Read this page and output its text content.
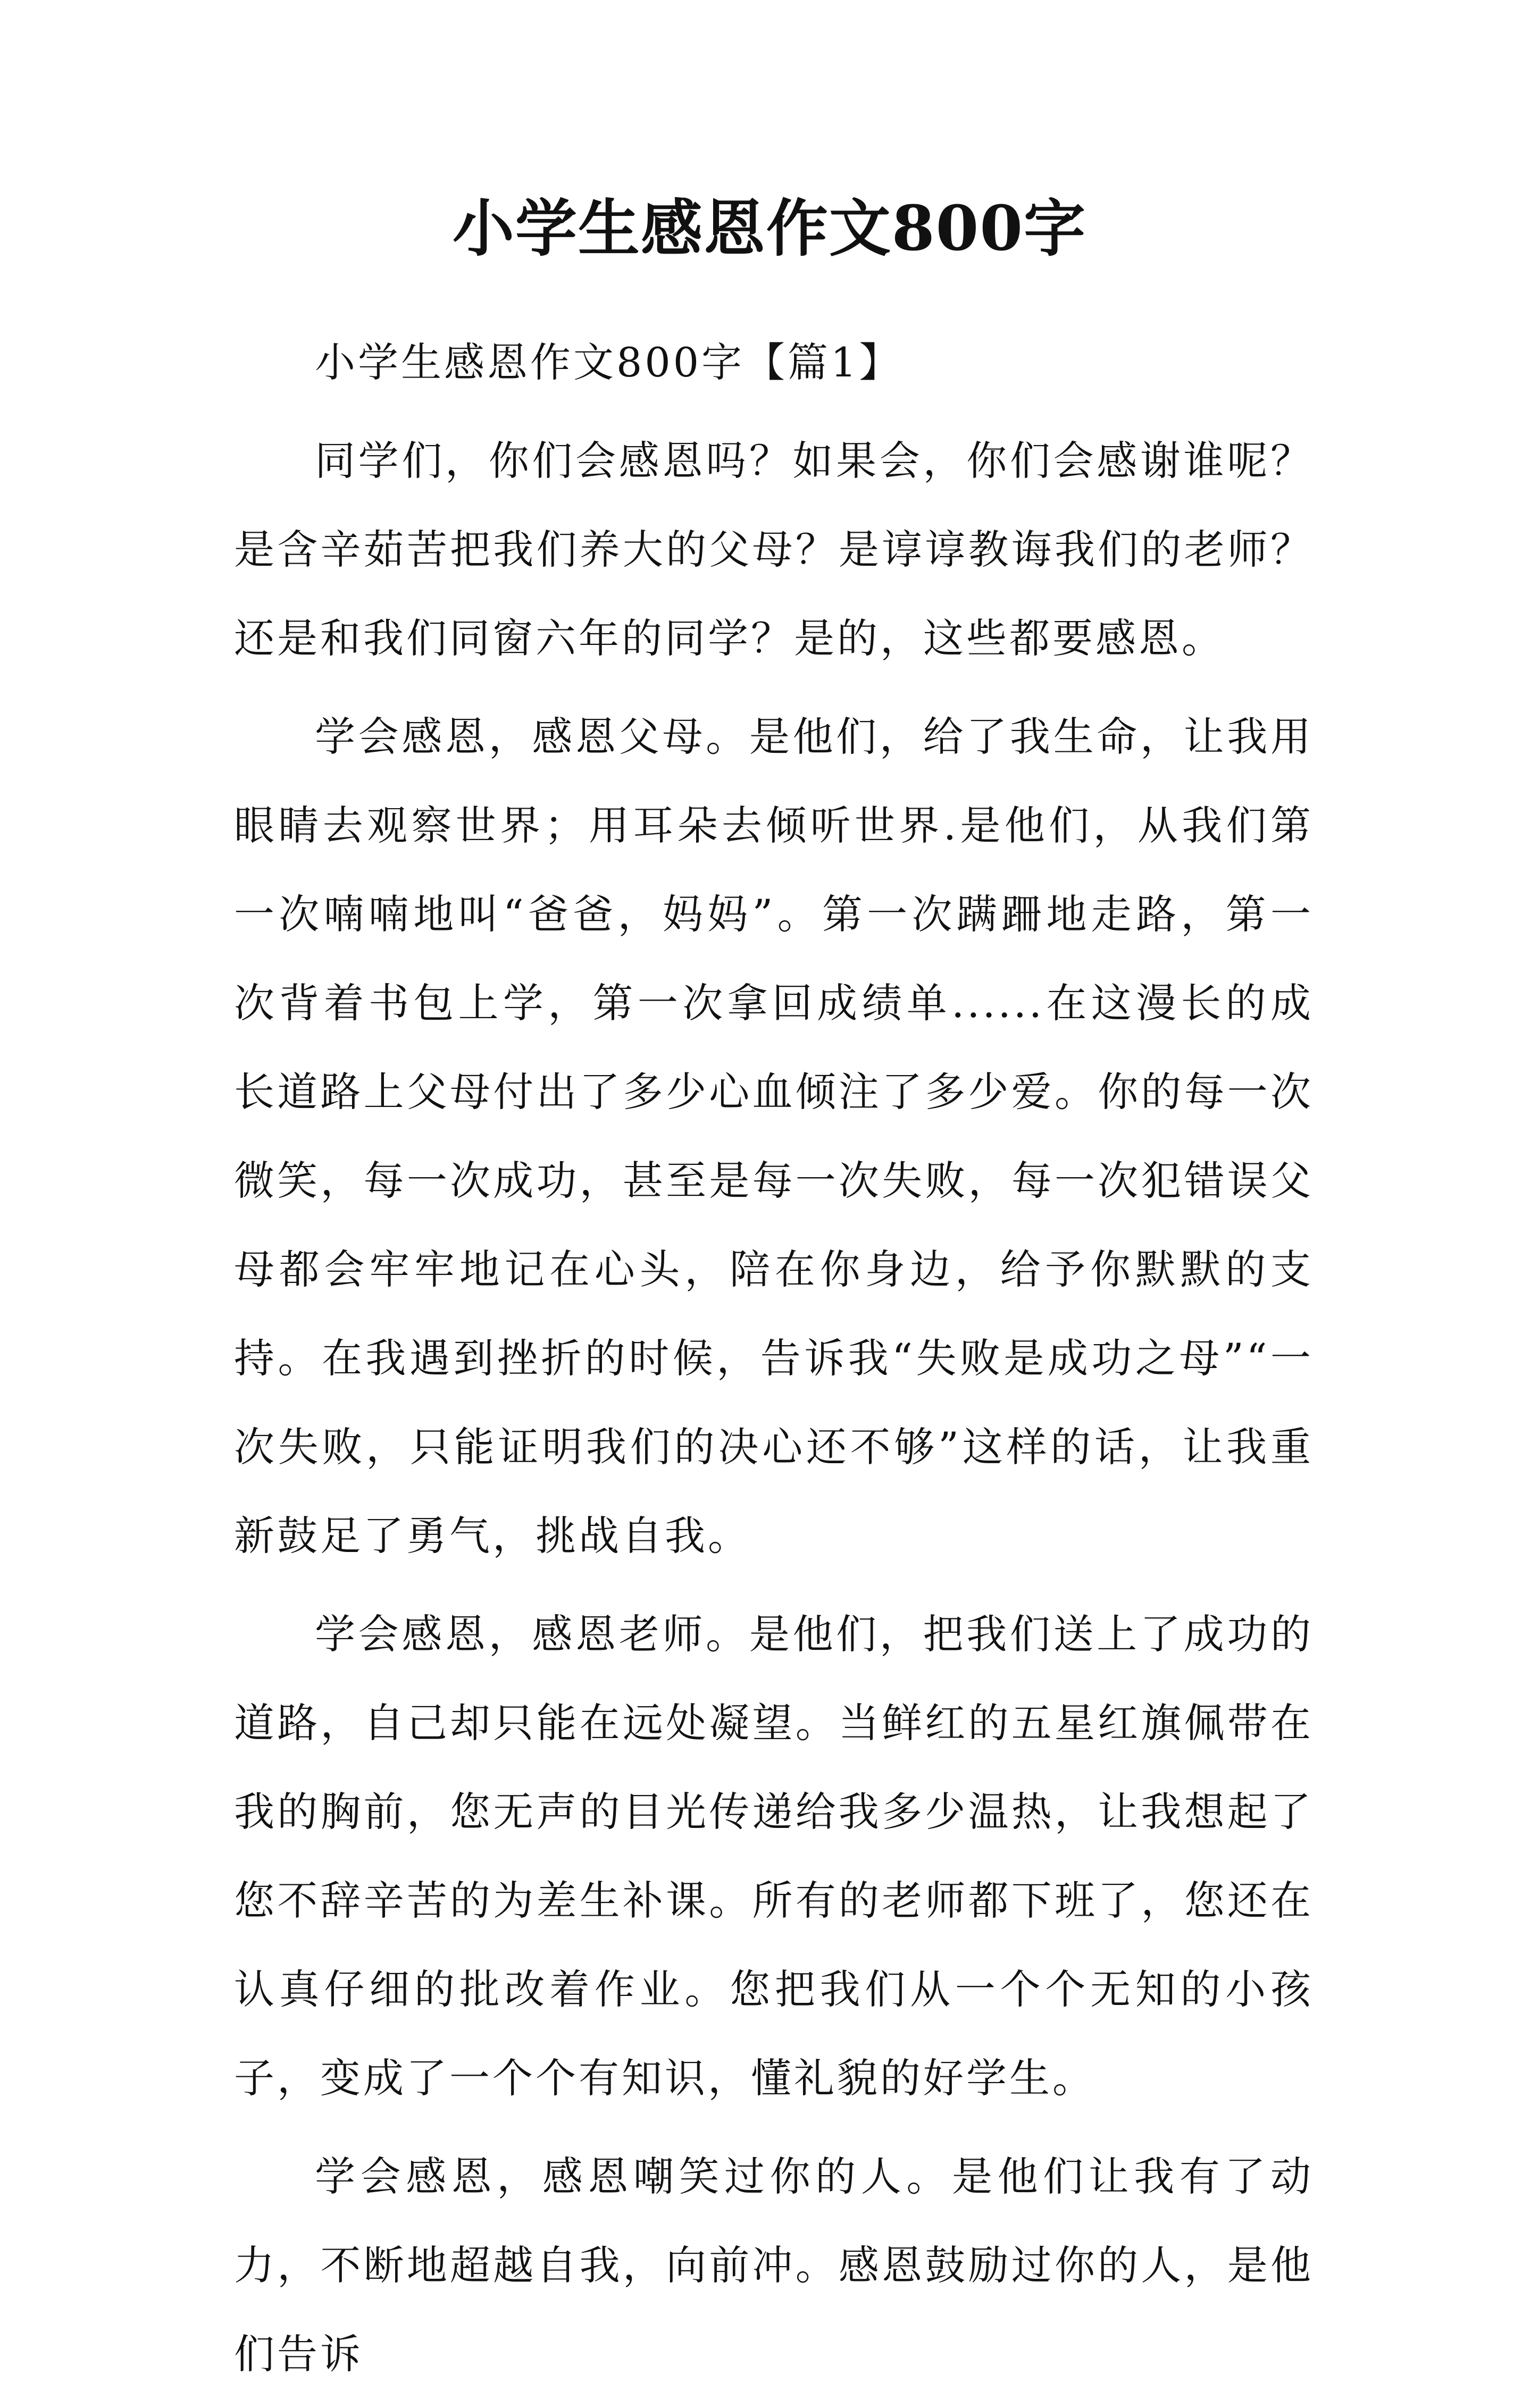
小学生感恩作文800字

小学生感恩作文800字【篇1】

同学们，你们会感恩吗？如果会，你们会感谢谁呢？是含辛茹苦把我们养大的父母？是谆谆教诲我们的老师？还是和我们同窗六年的同学？是的，这些都要感恩。

学会感恩，感恩父母。是他们，给了我生命，让我用眼睛去观察世界；用耳朵去倾听世界.是他们，从我们第一次喃喃地叫“爸爸，妈妈”。第一次蹒跚地走路，第一次背着书包上学，第一次拿回成绩单......在这漫长的成长道路上父母付出了多少心血倾注了多少爱。你的每一次微笑，每一次成功，甚至是每一次失败，每一次犯错误父母都会牢牢地记在心头，陪在你身边，给予你默默的支持。在我遇到挫折的时候，告诉我“失败是成功之母”“一次失败，只能证明我们的决心还不够”这样的话，让我重新鼓足了勇气，挑战自我。

学会感恩，感恩老师。是他们，把我们送上了成功的道路，自己却只能在远处凝望。当鲜红的五星红旗佩带在我的胸前，您无声的目光传递给我多少温热，让我想起了您不辞辛苦的为差生补课。所有的老师都下班了，您还在认真仔细的批改着作业。您把我们从一个个无知的小孩子，变成了一个个有知识，懂礼貌的好学生。

学会感恩，感恩嘲笑过你的人。是他们让我有了动力，不断地超越自我，向前冲。感恩鼓励过你的人，是他们告诉
